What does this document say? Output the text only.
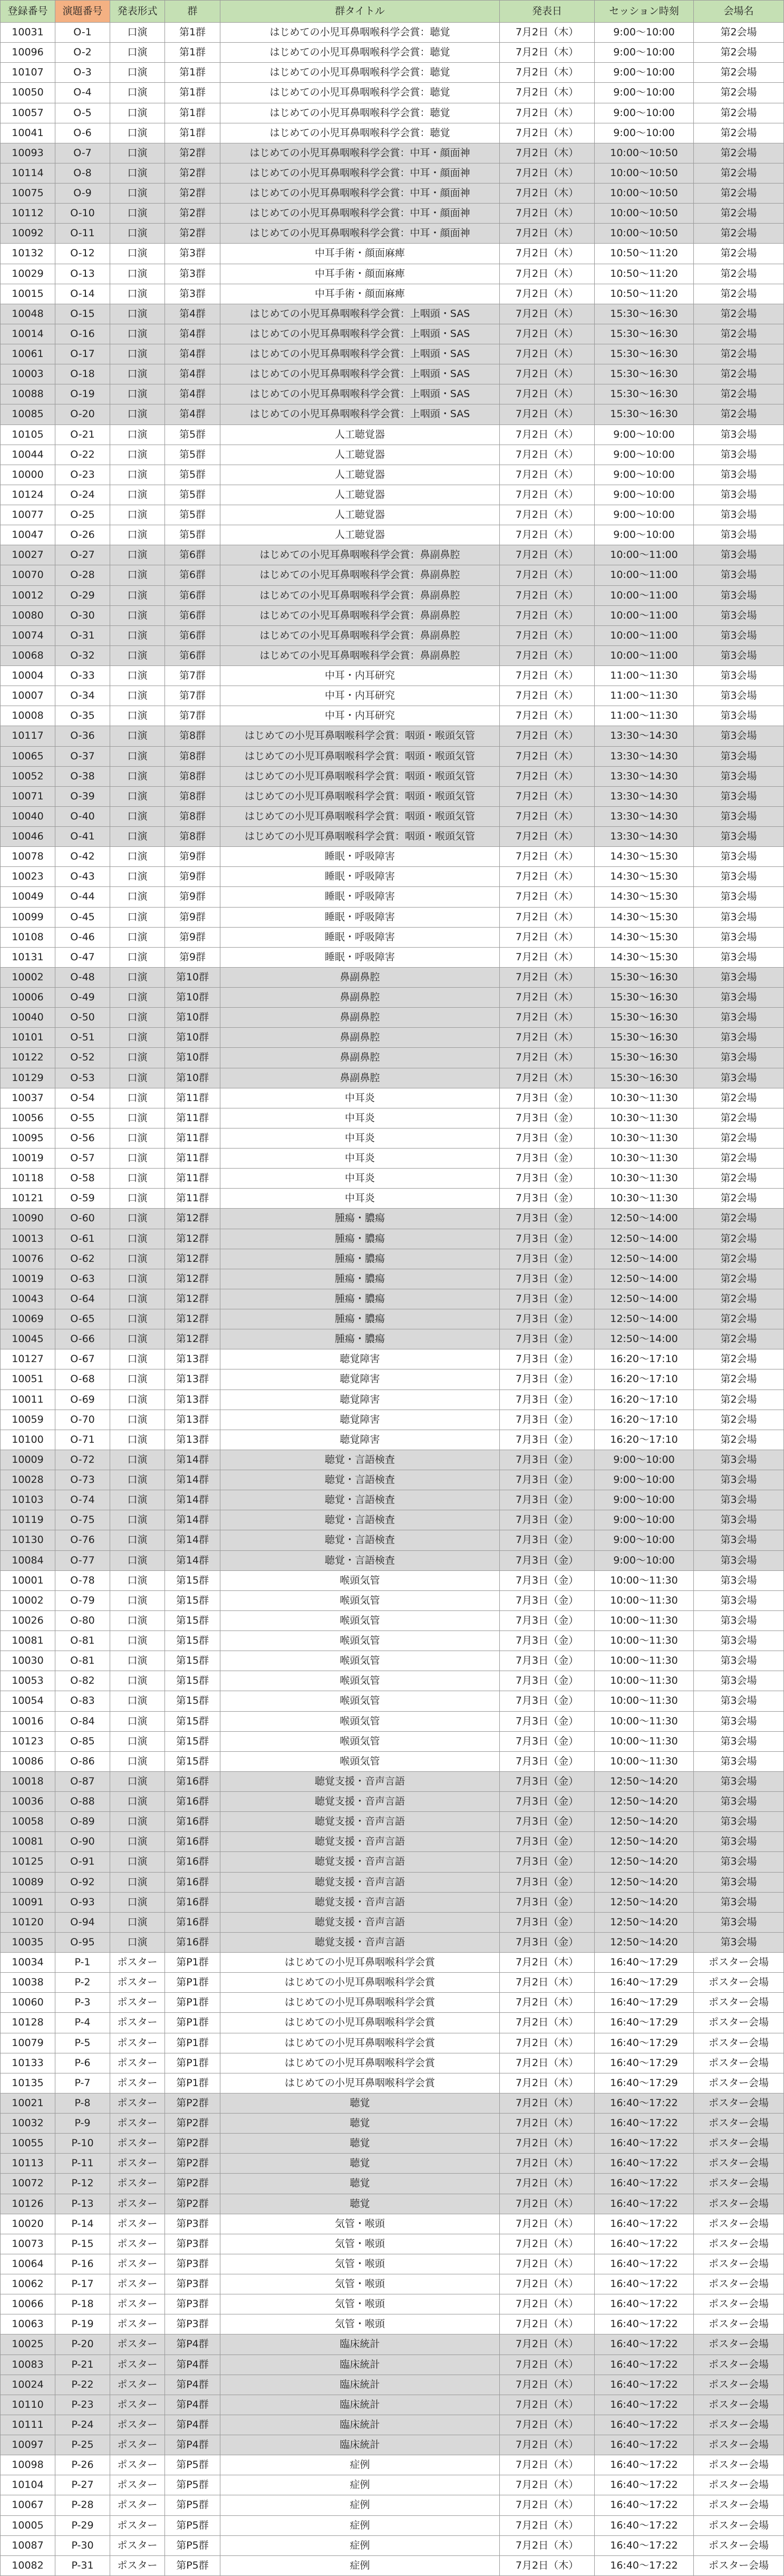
登録番号	演題番号	発表形式	群	群タイトル	発表日	セッション時刻	会場名
10031	O-1	口演	第1群	はじめての小児耳鼻咽喉科学会賞：聴覚	7月2日（木）	9:00～10:00	第2会場
10096	O-2	口演	第1群	はじめての小児耳鼻咽喉科学会賞：聴覚	7月2日（木）	9:00～10:00	第2会場
10107	O-3	口演	第1群	はじめての小児耳鼻咽喉科学会賞：聴覚	7月2日（木）	9:00～10:00	第2会場
10050	O-4	口演	第1群	はじめての小児耳鼻咽喉科学会賞：聴覚	7月2日（木）	9:00～10:00	第2会場
10057	O-5	口演	第1群	はじめての小児耳鼻咽喉科学会賞：聴覚	7月2日（木）	9:00～10:00	第2会場
10041	O-6	口演	第1群	はじめての小児耳鼻咽喉科学会賞：聴覚	7月2日（木）	9:00～10:00	第2会場
10093	O-7	口演	第2群	はじめての小児耳鼻咽喉科学会賞：中耳・顔面神	7月2日（木）	10:00～10:50	第2会場
10114	O-8	口演	第2群	はじめての小児耳鼻咽喉科学会賞：中耳・顔面神	7月2日（木）	10:00～10:50	第2会場
10075	O-9	口演	第2群	はじめての小児耳鼻咽喉科学会賞：中耳・顔面神	7月2日（木）	10:00～10:50	第2会場
10112	O-10	口演	第2群	はじめての小児耳鼻咽喉科学会賞：中耳・顔面神	7月2日（木）	10:00～10:50	第2会場
10092	O-11	口演	第2群	はじめての小児耳鼻咽喉科学会賞：中耳・顔面神	7月2日（木）	10:00～10:50	第2会場
10132	O-12	口演	第3群	中耳手術・顔面麻痺	7月2日（木）	10:50～11:20	第2会場
10029	O-13	口演	第3群	中耳手術・顔面麻痺	7月2日（木）	10:50～11:20	第2会場
10015	O-14	口演	第3群	中耳手術・顔面麻痺	7月2日（木）	10:50～11:20	第2会場
10048	O-15	口演	第4群	はじめての小児耳鼻咽喉科学会賞：上咽頭・SAS	7月2日（木）	15:30～16:30	第2会場
10014	O-16	口演	第4群	はじめての小児耳鼻咽喉科学会賞：上咽頭・SAS	7月2日（木）	15:30～16:30	第2会場
10061	O-17	口演	第4群	はじめての小児耳鼻咽喉科学会賞：上咽頭・SAS	7月2日（木）	15:30～16:30	第2会場
10003	O-18	口演	第4群	はじめての小児耳鼻咽喉科学会賞：上咽頭・SAS	7月2日（木）	15:30～16:30	第2会場
10088	O-19	口演	第4群	はじめての小児耳鼻咽喉科学会賞：上咽頭・SAS	7月2日（木）	15:30～16:30	第2会場
10085	O-20	口演	第4群	はじめての小児耳鼻咽喉科学会賞：上咽頭・SAS	7月2日（木）	15:30～16:30	第2会場
10105	O-21	口演	第5群	人工聴覚器	7月2日（木）	9:00～10:00	第3会場
10044	O-22	口演	第5群	人工聴覚器	7月2日（木）	9:00～10:00	第3会場
10000	O-23	口演	第5群	人工聴覚器	7月2日（木）	9:00～10:00	第3会場
10124	O-24	口演	第5群	人工聴覚器	7月2日（木）	9:00～10:00	第3会場
10077	O-25	口演	第5群	人工聴覚器	7月2日（木）	9:00～10:00	第3会場
10047	O-26	口演	第5群	人工聴覚器	7月2日（木）	9:00～10:00	第3会場
10027	O-27	口演	第6群	はじめての小児耳鼻咽喉科学会賞：鼻副鼻腔	7月2日（木）	10:00～11:00	第3会場
10070	O-28	口演	第6群	はじめての小児耳鼻咽喉科学会賞：鼻副鼻腔	7月2日（木）	10:00～11:00	第3会場
10012	O-29	口演	第6群	はじめての小児耳鼻咽喉科学会賞：鼻副鼻腔	7月2日（木）	10:00～11:00	第3会場
10080	O-30	口演	第6群	はじめての小児耳鼻咽喉科学会賞：鼻副鼻腔	7月2日（木）	10:00～11:00	第3会場
10074	O-31	口演	第6群	はじめての小児耳鼻咽喉科学会賞：鼻副鼻腔	7月2日（木）	10:00～11:00	第3会場
10068	O-32	口演	第6群	はじめての小児耳鼻咽喉科学会賞：鼻副鼻腔	7月2日（木）	10:00～11:00	第3会場
10004	O-33	口演	第7群	中耳・内耳研究	7月2日（木）	11:00～11:30	第3会場
10007	O-34	口演	第7群	中耳・内耳研究	7月2日（木）	11:00～11:30	第3会場
10008	O-35	口演	第7群	中耳・内耳研究	7月2日（木）	11:00～11:30	第3会場
10117	O-36	口演	第8群	はじめての小児耳鼻咽喉科学会賞：咽頭・喉頭気管	7月2日（木）	13:30～14:30	第3会場
10065	O-37	口演	第8群	はじめての小児耳鼻咽喉科学会賞：咽頭・喉頭気管	7月2日（木）	13:30～14:30	第3会場
10052	O-38	口演	第8群	はじめての小児耳鼻咽喉科学会賞：咽頭・喉頭気管	7月2日（木）	13:30～14:30	第3会場
10071	O-39	口演	第8群	はじめての小児耳鼻咽喉科学会賞：咽頭・喉頭気管	7月2日（木）	13:30～14:30	第3会場
10040	O-40	口演	第8群	はじめての小児耳鼻咽喉科学会賞：咽頭・喉頭気管	7月2日（木）	13:30～14:30	第3会場
10046	O-41	口演	第8群	はじめての小児耳鼻咽喉科学会賞：咽頭・喉頭気管	7月2日（木）	13:30～14:30	第3会場
10078	O-42	口演	第9群	睡眠・呼吸障害	7月2日（木）	14:30～15:30	第3会場
10023	O-43	口演	第9群	睡眠・呼吸障害	7月2日（木）	14:30～15:30	第3会場
10049	O-44	口演	第9群	睡眠・呼吸障害	7月2日（木）	14:30～15:30	第3会場
10099	O-45	口演	第9群	睡眠・呼吸障害	7月2日（木）	14:30～15:30	第3会場
10108	O-46	口演	第9群	睡眠・呼吸障害	7月2日（木）	14:30～15:30	第3会場
10131	O-47	口演	第9群	睡眠・呼吸障害	7月2日（木）	14:30～15:30	第3会場
10002	O-48	口演	第10群	鼻副鼻腔	7月2日（木）	15:30～16:30	第3会場
10006	O-49	口演	第10群	鼻副鼻腔	7月2日（木）	15:30～16:30	第3会場
10040	O-50	口演	第10群	鼻副鼻腔	7月2日（木）	15:30～16:30	第3会場
10101	O-51	口演	第10群	鼻副鼻腔	7月2日（木）	15:30～16:30	第3会場
10122	O-52	口演	第10群	鼻副鼻腔	7月2日（木）	15:30～16:30	第3会場
10129	O-53	口演	第10群	鼻副鼻腔	7月2日（木）	15:30～16:30	第3会場
10037	O-54	口演	第11群	中耳炎	7月3日（金）	10:30～11:30	第2会場
10056	O-55	口演	第11群	中耳炎	7月3日（金）	10:30～11:30	第2会場
10095	O-56	口演	第11群	中耳炎	7月3日（金）	10:30～11:30	第2会場
10019	O-57	口演	第11群	中耳炎	7月3日（金）	10:30～11:30	第2会場
10118	O-58	口演	第11群	中耳炎	7月3日（金）	10:30～11:30	第2会場
10121	O-59	口演	第11群	中耳炎	7月3日（金）	10:30～11:30	第2会場
10090	O-60	口演	第12群	腫瘍・膿瘍	7月3日（金）	12:50～14:00	第2会場
10013	O-61	口演	第12群	腫瘍・膿瘍	7月3日（金）	12:50～14:00	第2会場
10076	O-62	口演	第12群	腫瘍・膿瘍	7月3日（金）	12:50～14:00	第2会場
10019	O-63	口演	第12群	腫瘍・膿瘍	7月3日（金）	12:50～14:00	第2会場
10043	O-64	口演	第12群	腫瘍・膿瘍	7月3日（金）	12:50～14:00	第2会場
10069	O-65	口演	第12群	腫瘍・膿瘍	7月3日（金）	12:50～14:00	第2会場
10045	O-66	口演	第12群	腫瘍・膿瘍	7月3日（金）	12:50～14:00	第2会場
10127	O-67	口演	第13群	聴覚障害	7月3日（金）	16:20～17:10	第2会場
10051	O-68	口演	第13群	聴覚障害	7月3日（金）	16:20～17:10	第2会場
10011	O-69	口演	第13群	聴覚障害	7月3日（金）	16:20～17:10	第2会場
10059	O-70	口演	第13群	聴覚障害	7月3日（金）	16:20～17:10	第2会場
10100	O-71	口演	第13群	聴覚障害	7月3日（金）	16:20～17:10	第2会場
10009	O-72	口演	第14群	聴覚・言語検査	7月3日（金）	9:00～10:00	第3会場
10028	O-73	口演	第14群	聴覚・言語検査	7月3日（金）	9:00～10:00	第3会場
10103	O-74	口演	第14群	聴覚・言語検査	7月3日（金）	9:00～10:00	第3会場
10119	O-75	口演	第14群	聴覚・言語検査	7月3日（金）	9:00～10:00	第3会場
10130	O-76	口演	第14群	聴覚・言語検査	7月3日（金）	9:00～10:00	第3会場
10084	O-77	口演	第14群	聴覚・言語検査	7月3日（金）	9:00～10:00	第3会場
10001	O-78	口演	第15群	喉頭気管	7月3日（金）	10:00～11:30	第3会場
10002	O-79	口演	第15群	喉頭気管	7月3日（金）	10:00～11:30	第3会場
10026	O-80	口演	第15群	喉頭気管	7月3日（金）	10:00～11:30	第3会場
10081	O-81	口演	第15群	喉頭気管	7月3日（金）	10:00～11:30	第3会場
10030	O-81	口演	第15群	喉頭気管	7月3日（金）	10:00～11:30	第3会場
10053	O-82	口演	第15群	喉頭気管	7月3日（金）	10:00～11:30	第3会場
10054	O-83	口演	第15群	喉頭気管	7月3日（金）	10:00～11:30	第3会場
10016	O-84	口演	第15群	喉頭気管	7月3日（金）	10:00～11:30	第3会場
10123	O-85	口演	第15群	喉頭気管	7月3日（金）	10:00～11:30	第3会場
10086	O-86	口演	第15群	喉頭気管	7月3日（金）	10:00～11:30	第3会場
10018	O-87	口演	第16群	聴覚支援・音声言語	7月3日（金）	12:50～14:20	第3会場
10036	O-88	口演	第16群	聴覚支援・音声言語	7月3日（金）	12:50～14:20	第3会場
10058	O-89	口演	第16群	聴覚支援・音声言語	7月3日（金）	12:50～14:20	第3会場
10081	O-90	口演	第16群	聴覚支援・音声言語	7月3日（金）	12:50～14:20	第3会場
10125	O-91	口演	第16群	聴覚支援・音声言語	7月3日（金）	12:50～14:20	第3会場
10089	O-92	口演	第16群	聴覚支援・音声言語	7月3日（金）	12:50～14:20	第3会場
10091	O-93	口演	第16群	聴覚支援・音声言語	7月3日（金）	12:50～14:20	第3会場
10120	O-94	口演	第16群	聴覚支援・音声言語	7月3日（金）	12:50～14:20	第3会場
10035	O-95	口演	第16群	聴覚支援・音声言語	7月3日（金）	12:50～14:20	第3会場
10034	P-1	ポスター	第P1群	はじめての小児耳鼻咽喉科学会賞	7月2日（木）	16:40～17:29	ポスター会場
10038	P-2	ポスター	第P1群	はじめての小児耳鼻咽喉科学会賞	7月2日（木）	16:40～17:29	ポスター会場
10060	P-3	ポスター	第P1群	はじめての小児耳鼻咽喉科学会賞	7月2日（木）	16:40～17:29	ポスター会場
10128	P-4	ポスター	第P1群	はじめての小児耳鼻咽喉科学会賞	7月2日（木）	16:40～17:29	ポスター会場
10079	P-5	ポスター	第P1群	はじめての小児耳鼻咽喉科学会賞	7月2日（木）	16:40～17:29	ポスター会場
10133	P-6	ポスター	第P1群	はじめての小児耳鼻咽喉科学会賞	7月2日（木）	16:40～17:29	ポスター会場
10135	P-7	ポスター	第P1群	はじめての小児耳鼻咽喉科学会賞	7月2日（木）	16:40～17:29	ポスター会場
10021	P-8	ポスター	第P2群	聴覚	7月2日（木）	16:40～17:22	ポスター会場
10032	P-9	ポスター	第P2群	聴覚	7月2日（木）	16:40～17:22	ポスター会場
10055	P-10	ポスター	第P2群	聴覚	7月2日（木）	16:40～17:22	ポスター会場
10113	P-11	ポスター	第P2群	聴覚	7月2日（木）	16:40～17:22	ポスター会場
10072	P-12	ポスター	第P2群	聴覚	7月2日（木）	16:40～17:22	ポスター会場
10126	P-13	ポスター	第P2群	聴覚	7月2日（木）	16:40～17:22	ポスター会場
10020	P-14	ポスター	第P3群	気管・喉頭	7月2日（木）	16:40～17:22	ポスター会場
10073	P-15	ポスター	第P3群	気管・喉頭	7月2日（木）	16:40～17:22	ポスター会場
10064	P-16	ポスター	第P3群	気管・喉頭	7月2日（木）	16:40～17:22	ポスター会場
10062	P-17	ポスター	第P3群	気管・喉頭	7月2日（木）	16:40～17:22	ポスター会場
10066	P-18	ポスター	第P3群	気管・喉頭	7月2日（木）	16:40～17:22	ポスター会場
10063	P-19	ポスター	第P3群	気管・喉頭	7月2日（木）	16:40～17:22	ポスター会場
10025	P-20	ポスター	第P4群	臨床統計	7月2日（木）	16:40～17:22	ポスター会場
10083	P-21	ポスター	第P4群	臨床統計	7月2日（木）	16:40～17:22	ポスター会場
10024	P-22	ポスター	第P4群	臨床統計	7月2日（木）	16:40～17:22	ポスター会場
10110	P-23	ポスター	第P4群	臨床統計	7月2日（木）	16:40～17:22	ポスター会場
10111	P-24	ポスター	第P4群	臨床統計	7月2日（木）	16:40～17:22	ポスター会場
10097	P-25	ポスター	第P4群	臨床統計	7月2日（木）	16:40～17:22	ポスター会場
10098	P-26	ポスター	第P5群	症例	7月2日（木）	16:40～17:22	ポスター会場
10104	P-27	ポスター	第P5群	症例	7月2日（木）	16:40～17:22	ポスター会場
10067	P-28	ポスター	第P5群	症例	7月2日（木）	16:40～17:22	ポスター会場
10005	P-29	ポスター	第P5群	症例	7月2日（木）	16:40～17:22	ポスター会場
10087	P-30	ポスター	第P5群	症例	7月2日（木）	16:40～17:22	ポスター会場
10082	P-31	ポスター	第P5群	症例	7月2日（木）	16:40～17:22	ポスター会場
